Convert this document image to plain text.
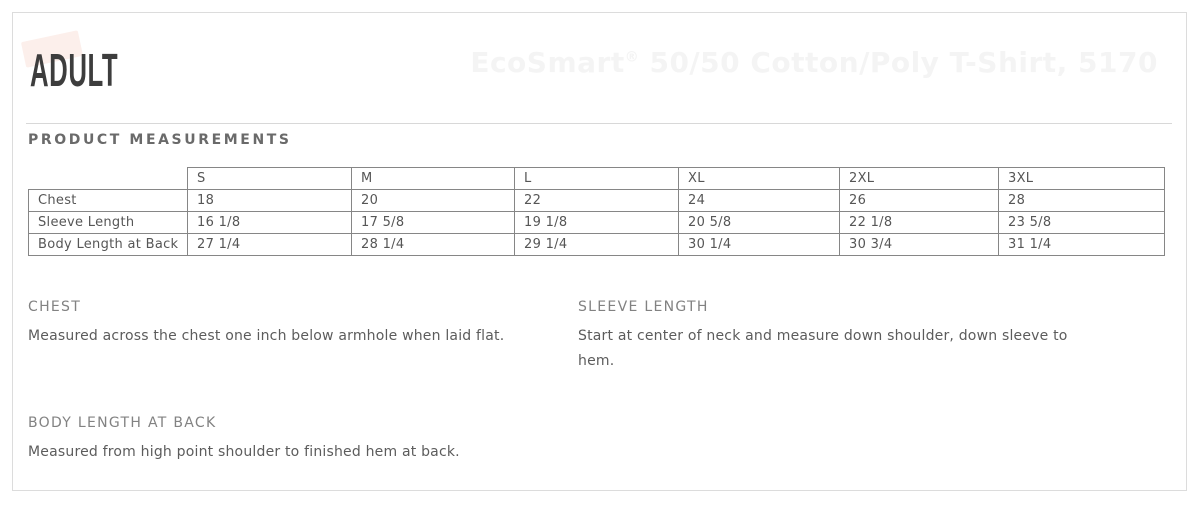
ADULT	EcoSmart® 50/50 Cotton/Poly T-Shirt, 5170
PRODUCT MEASUREMENTS
	S	M	L	XL	2XL	3XL
Chest	18	20	22	24	26	28
Sleeve Length	16 1/8	17 5/8	19 1/8	20 5/8	22 1/8	23 5/8
Body Length at Back	27 1/4	28 1/4	29 1/4	30 1/4	30 3/4	31 1/4
CHEST

Measured across the chest one inch below armhole when laid flat.

SLEEVE LENGTH

Start at center of neck and measure down shoulder, down sleeve to hem.

BODY LENGTH AT BACK

Measured from high point shoulder to finished hem at back.
